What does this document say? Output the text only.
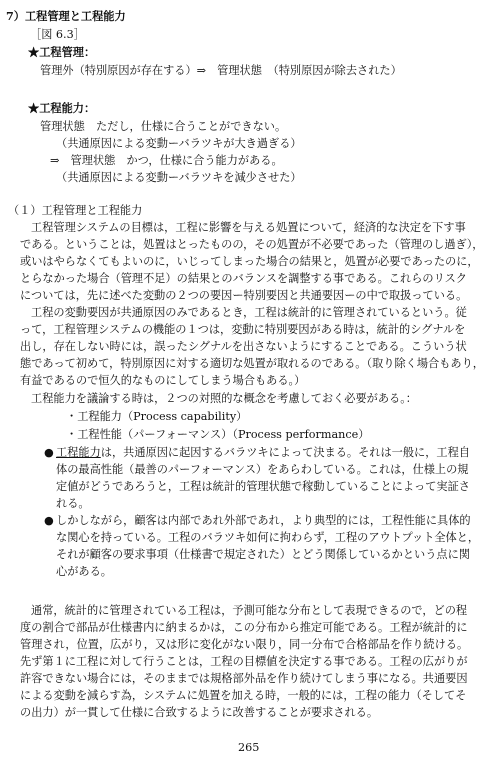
7）工程管理と工程能力
［図 6.3］
★工程管理：
管理外（特別原因が存在する）⇒　管理状態　（特別原因が除去された）
★工程能力：
管理状態　ただし，仕様に合うことができない。
（共通原因による変動ーバラツキが大き過ぎる）
⇒　管理状態　かつ，仕様に合う能力がある。
（共通原因による変動ーバラツキを減少させた）
（１）工程管理と工程能力
工程管理システムの目標は，工程に影響を与える処置について，経済的な決定を下す事
である。ということは，処置はとったものの，その処置が不必要であった（管理のし過ぎ），
或いはやらなくてもよいのに，いじってしまった場合の結果と，処置が必要であったのに，
とらなかった場合（管理不足）の結果とのバランスを調整する事である。これらのリスク
については，先に述べた変動の２つの要因ー特別要因と共通要因ーの中で取扱っている。
工程の変動要因が共通原因のみであるとき，工程は統計的に管理されているという。従
って，工程管理システムの機能の１つは，変動に特別要因がある時は，統計的シグナルを
出し，存在しない時には，誤ったシグナルを出さないようにすることである。こういう状
態であって初めて，特別原因に対する適切な処置が取れるのである。（取り除く場合もあり，
有益であるので恒久的なものにしてしまう場合もある。）
工程能力を議論する時は，２つの対照的な概念を考慮しておく必要がある。：
・工程能力（Process capability）
・工程性能（パーフォーマンス）（Process performance）
● 工程能力は，共通原因に起因するバラツキによって決まる。それは一般に，工程自
体の最高性能（最善のパーフォーマンス）をあらわしている。これは，仕様上の規
定値がどうであろうと，工程は統計的管理状態で稼動していることによって実証さ
れる。
● しかしながら，顧客は内部であれ外部であれ，より典型的には，工程性能に具体的
な関心を持っている。工程のバラツキ如何に拘わらず，工程のアウトプット全体と，
それが顧客の要求事項（仕様書で規定された）とどう関係しているかという点に関
心がある。
通常，統計的に管理されている工程は，予測可能な分布として表現できるので，どの程
度の割合で部品が仕様書内に納まるかは，この分布から推定可能である。工程が統計的に
管理され，位置，広がり，又は形に変化がない限り，同一分布で合格部品を作り続ける。
先ず第１に工程に対して行うことは，工程の目標値を決定する事である。工程の広がりが
許容できない場合には，そのままでは規格部外品を作り続けてしまう事になる。共通要因
による変動を減らす為，システムに処置を加える時，一般的には，工程の能力（そしてそ
の出力）が一貫して仕様に合致するように改善することが要求される。
265
